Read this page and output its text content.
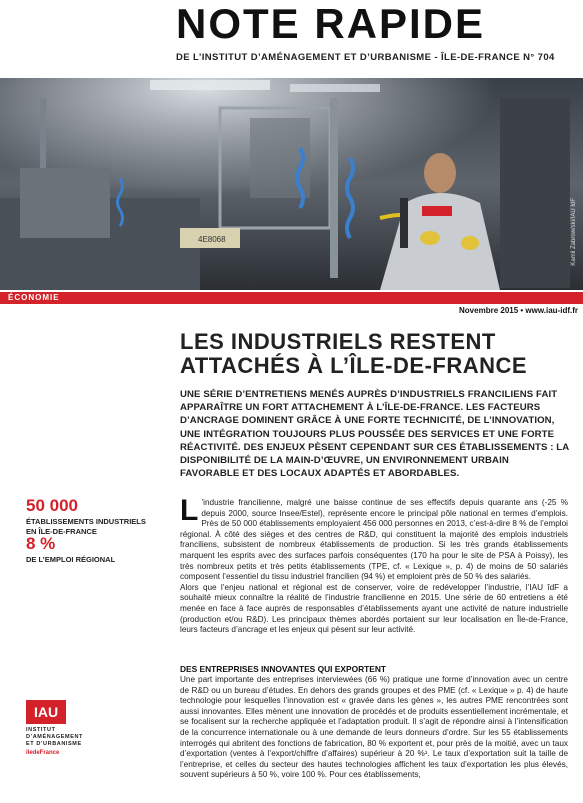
NOTE RAPIDE
DE L’INSTITUT D’AMÉNAGEMENT ET D’URBANISME - ÎLE-DE-FRANCE N° 704
4E8068	Kamil Zabrow/ski/IAU ÎdF
ÉCONOMIE
Novembre 2015 • www.iau-idf.fr
LES INDUSTRIELS RESTENT
ATTACHÉS À L’ÎLE-DE-FRANCE
UNE SÉRIE D’ENTRETIENS MENÉS AUPRÈS D’INDUSTRIELS FRANCILIENS FAIT APPARAÎTRE UN FORT ATTACHEMENT À L’ÎLE-DE-FRANCE. LES FACTEURS D’ANCRAGE DOMINENT GRÂCE À UNE FORTE TECHNICITÉ, DE L’INNOVATION, UNE INTÉGRATION TOUJOURS PLUS POUSSÉE DES SERVICES ET UNE FORTE RÉACTIVITÉ. DES ENJEUX PÈSENT CEPENDANT SUR CES ÉTABLISSEMENTS : LA DISPONIBILITÉ DE LA MAIN-D’ŒUVRE, UN ENVIRONNEMENT URBAIN FAVORABLE ET DES LOCAUX ADAPTÉS ET ABORDABLES.
50 000
ÉTABLISSEMENTS INDUSTRIELS EN ÎLE-DE-FRANCE
8 %
DE L’EMPLOI RÉGIONAL

L ’industrie francilienne, malgré une baisse continue de ses effectifs depuis quarante ans (-25 % depuis 2000, source Insee/Estel), représente encore le principal pôle national en termes d’emplois. Près de 50 000 établissements employaient 456 000 personnes en 2013, c’est-à-dire 8 % de l’emploi régional. À côté des sièges et des centres de R&D, qui constituent la majorité des emplois industriels franciliens, subsistent de nombreux établissements de production. Si les très grands établissements marquent les esprits avec des surfaces parfois conséquentes (170 ha pour le site de PSA à Poissy), les très nombreux petits et très petits établissements (TPE, cf. « Lexique », p. 4) de moins de 50 salariés composent l’essentiel du tissu industriel francilien (94 %) et emploient près de 50 % des salariés.

Alors que l’enjeu national et régional est de conserver, voire de redévelopper l’industrie, l’IAU îdF a souhaité mieux connaître la réalité de l’industrie francilienne en 2015. Une série de 60 entretiens a été menée en face à face auprès de responsables d’établissements ayant une activité de nature industrielle (production et/ou R&D). Les principaux thèmes abordés portaient sur leur localisation en Île-de-France, leurs facteurs d’ancrage et les enjeux qui pèsent sur leur activité.

DES ENTREPRISES INNOVANTES QUI EXPORTENT
Une part importante des entreprises interviewées (66 %) pratique une forme d’innovation avec un centre de R&D ou un bureau d’études. En dehors des grands groupes et des PME (cf. « Lexique » p. 4) de haute technologie pour lesquelles l’innovation est « gravée dans les gènes », les autres PME rencontrées sont aussi innovantes. Elles mènent une innovation de procédés et de produits essentiellement incrémentale, et se focalisent sur la recherche appliquée et l’adaptation produit. Il s’agit de répondre ainsi à l’intensification de la concurrence internationale ou à une demande de leurs donneurs d’ordre. Sur les 55 établissements interrogés qui abritent des fonctions de fabrication, 80 % exportent et, pour près de la moitié, avec un taux d’exportation (ventes à l’export/chiffre d’affaires) supérieur à 20 %¹. Le taux d’exportation suit la taille de l’entreprise, et celles du secteur des hautes technologies affichent les taux d’exportation les plus élevés, souvent supérieurs à 50 %, voire 100 %. Pour ces établissements,
IAU
INSTITUT
D’AMÉNAGEMENT
ET D’URBANISME
îledeFrance
